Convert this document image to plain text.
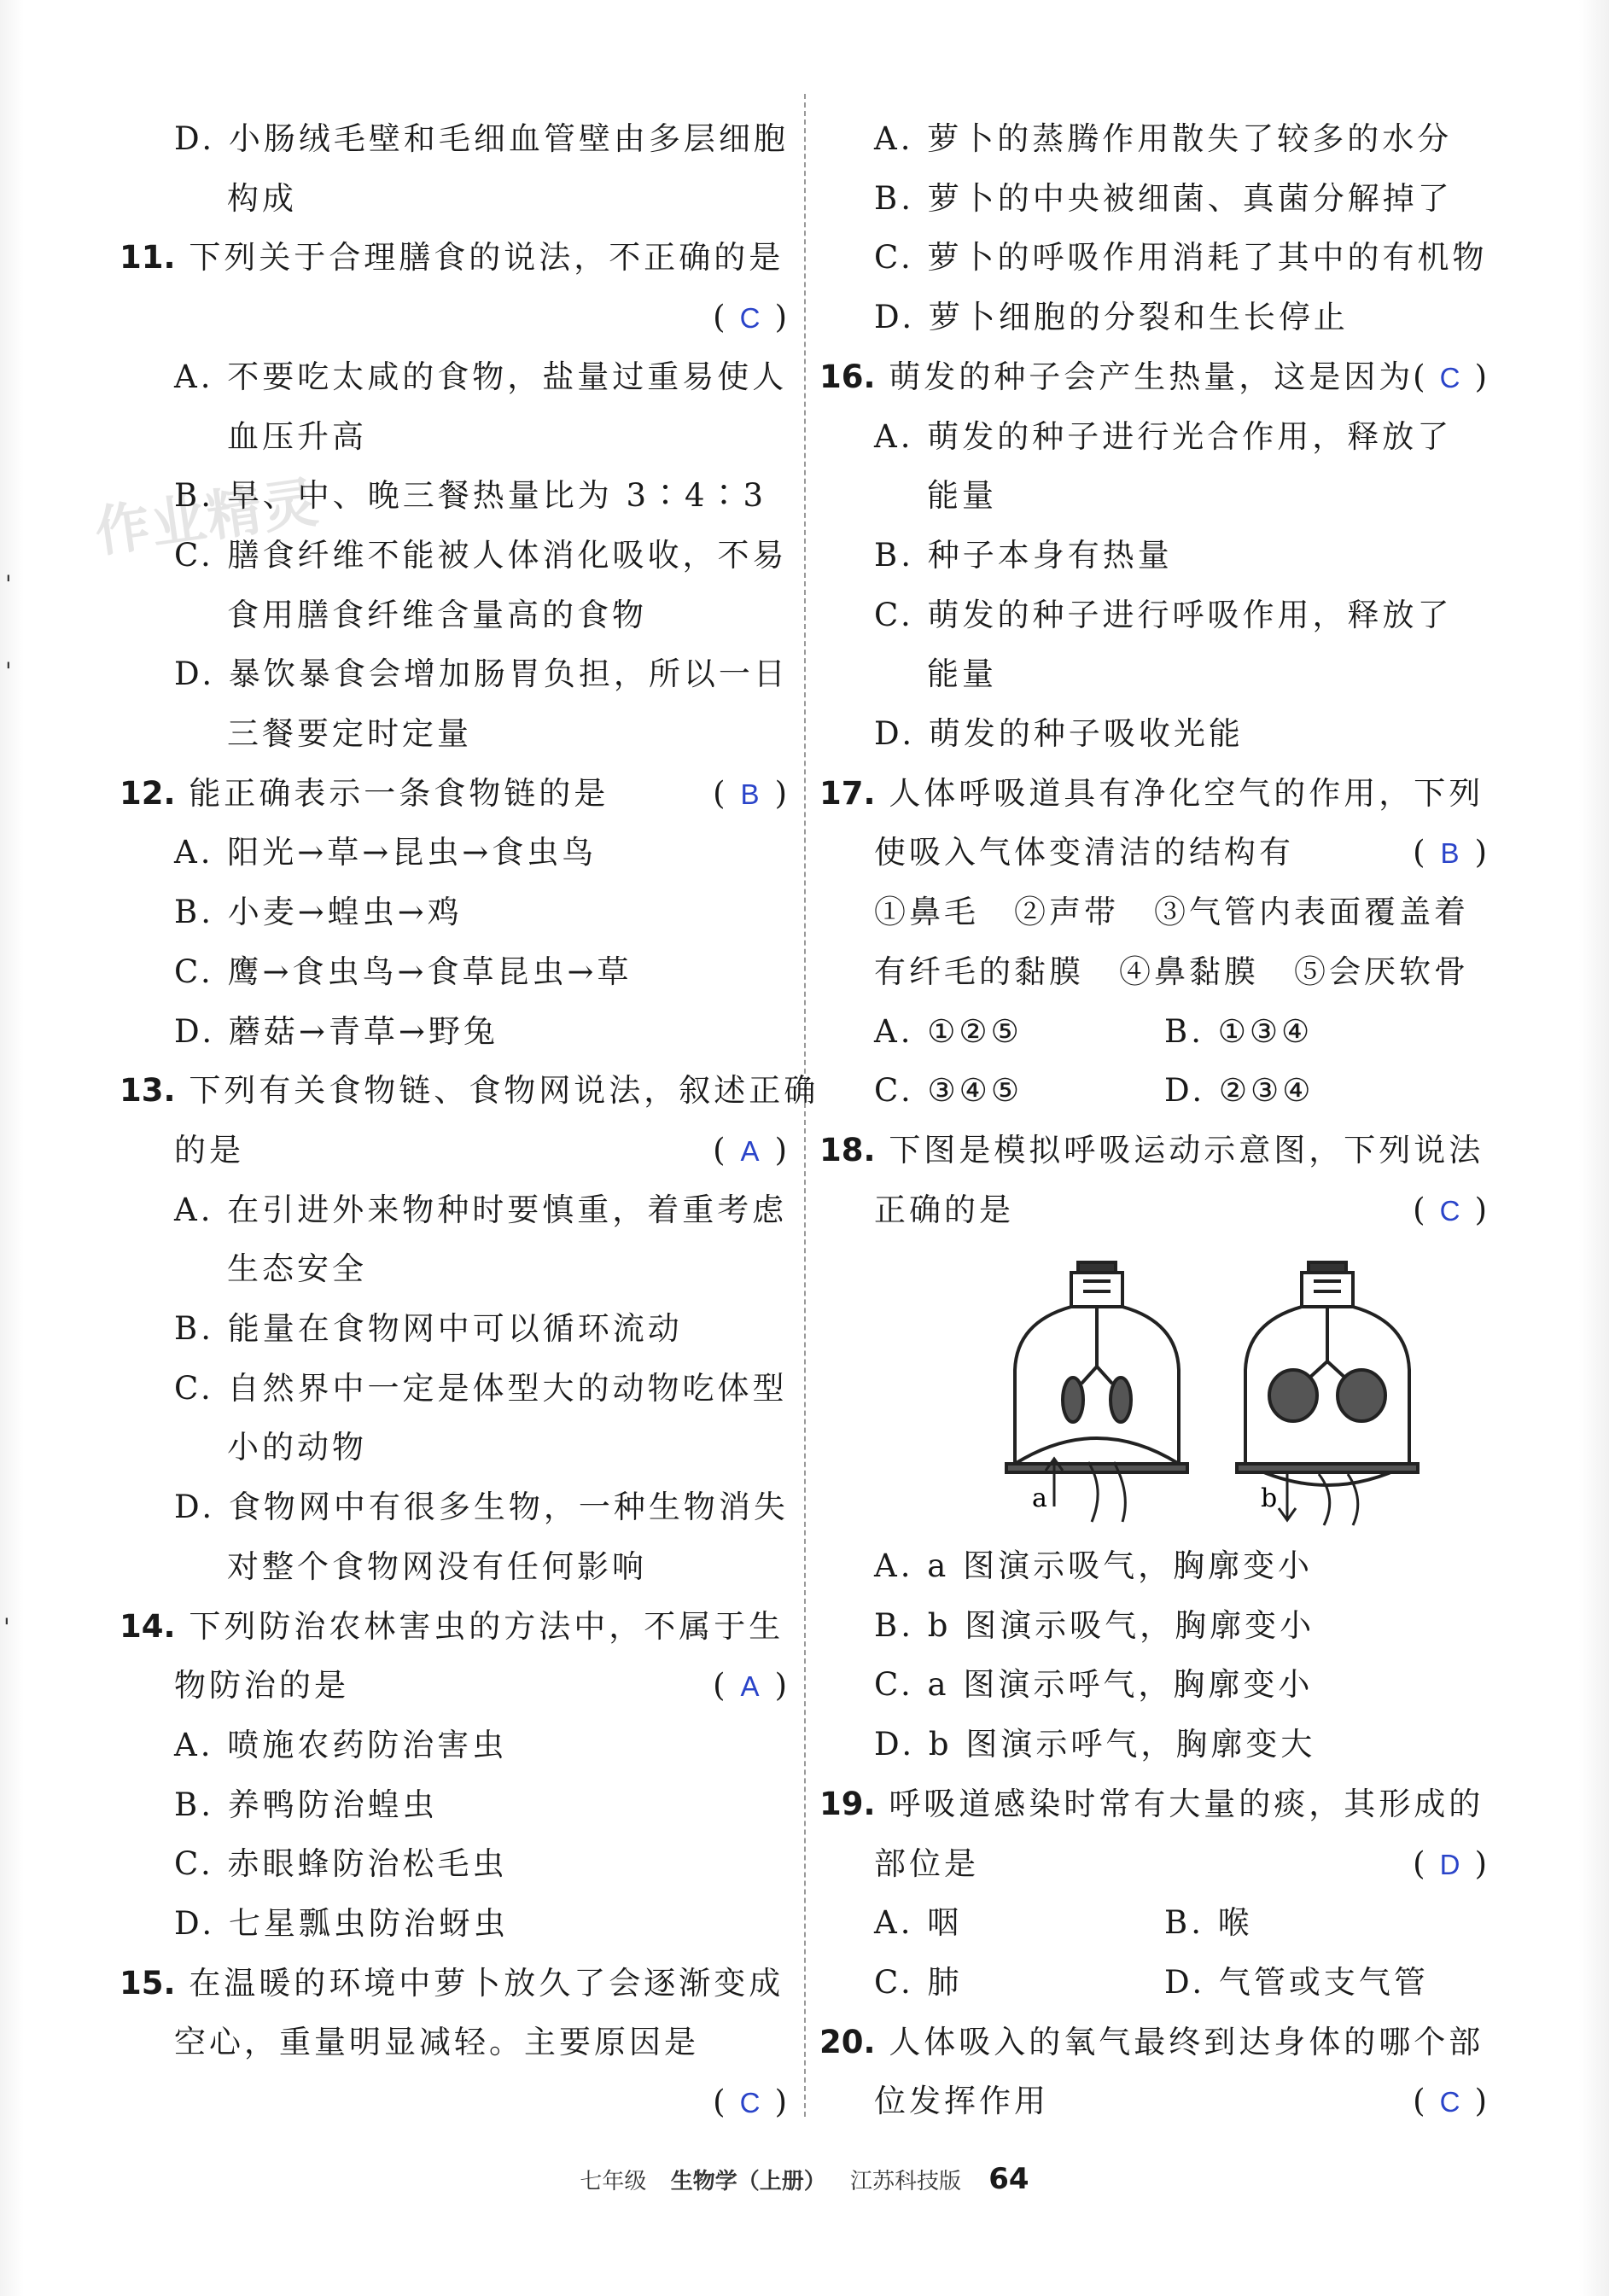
作业精灵
D. 小肠绒毛壁和毛细血管壁由多层细胞
构成
11. 下列关于合理膳食的说法，不正确的是
( C )
A. 不要吃太咸的食物，盐量过重易使人
血压升高
B. 早、中、晚三餐热量比为 3∶4∶3
C. 膳食纤维不能被人体消化吸收，不易
食用膳食纤维含量高的食物
D. 暴饮暴食会增加肠胃负担，所以一日
三餐要定时定量
12. 能正确表示一条食物链的是	( B )
A. 阳光→草→昆虫→食虫鸟
B. 小麦→蝗虫→鸡
C. 鹰→食虫鸟→食草昆虫→草
D. 蘑菇→青草→野兔
13. 下列有关食物链、食物网说法，叙述正确
的是	( A )
A. 在引进外来物种时要慎重，着重考虑
生态安全
B. 能量在食物网中可以循环流动
C. 自然界中一定是体型大的动物吃体型
小的动物
D. 食物网中有很多生物，一种生物消失
对整个食物网没有任何影响
14. 下列防治农林害虫的方法中，不属于生
物防治的是	( A )
A. 喷施农药防治害虫
B. 养鸭防治蝗虫
C. 赤眼蜂防治松毛虫
D. 七星瓢虫防治蚜虫
15. 在温暖的环境中萝卜放久了会逐渐变成
空心，重量明显减轻。主要原因是
( C )
A. 萝卜的蒸腾作用散失了较多的水分
B. 萝卜的中央被细菌、真菌分解掉了
C. 萝卜的呼吸作用消耗了其中的有机物
D. 萝卜细胞的分裂和生长停止
16. 萌发的种子会产生热量，这是因为
( C )
A. 萌发的种子进行光合作用，释放了
能量
B. 种子本身有热量
C. 萌发的种子进行呼吸作用，释放了
能量
D. 萌发的种子吸收光能
17. 人体呼吸道具有净化空气的作用，下列
使吸入气体变清洁的结构有	( B )
①鼻毛　②声带　③气管内表面覆盖着
有纤毛的黏膜　④鼻黏膜　⑤会厌软骨
A. ①②⑤	B. ①③④
C. ③④⑤	D. ②③④
18. 下图是模拟呼吸运动示意图，下列说法
正确的是	( C )
A. a 图演示吸气，胸廓变小
B. b 图演示吸气，胸廓变小
C. a 图演示呼气，胸廓变小
D. b 图演示呼气，胸廓变大
19. 呼吸道感染时常有大量的痰，其形成的
部位是	( D )
A. 咽	B. 喉
C. 肺	D. 气管或支气管
20. 人体吸入的氧气最终到达身体的哪个部
位发挥作用	( C )
a	b
'
'
'
七年级 生物学（上册） 江苏科技版 64
